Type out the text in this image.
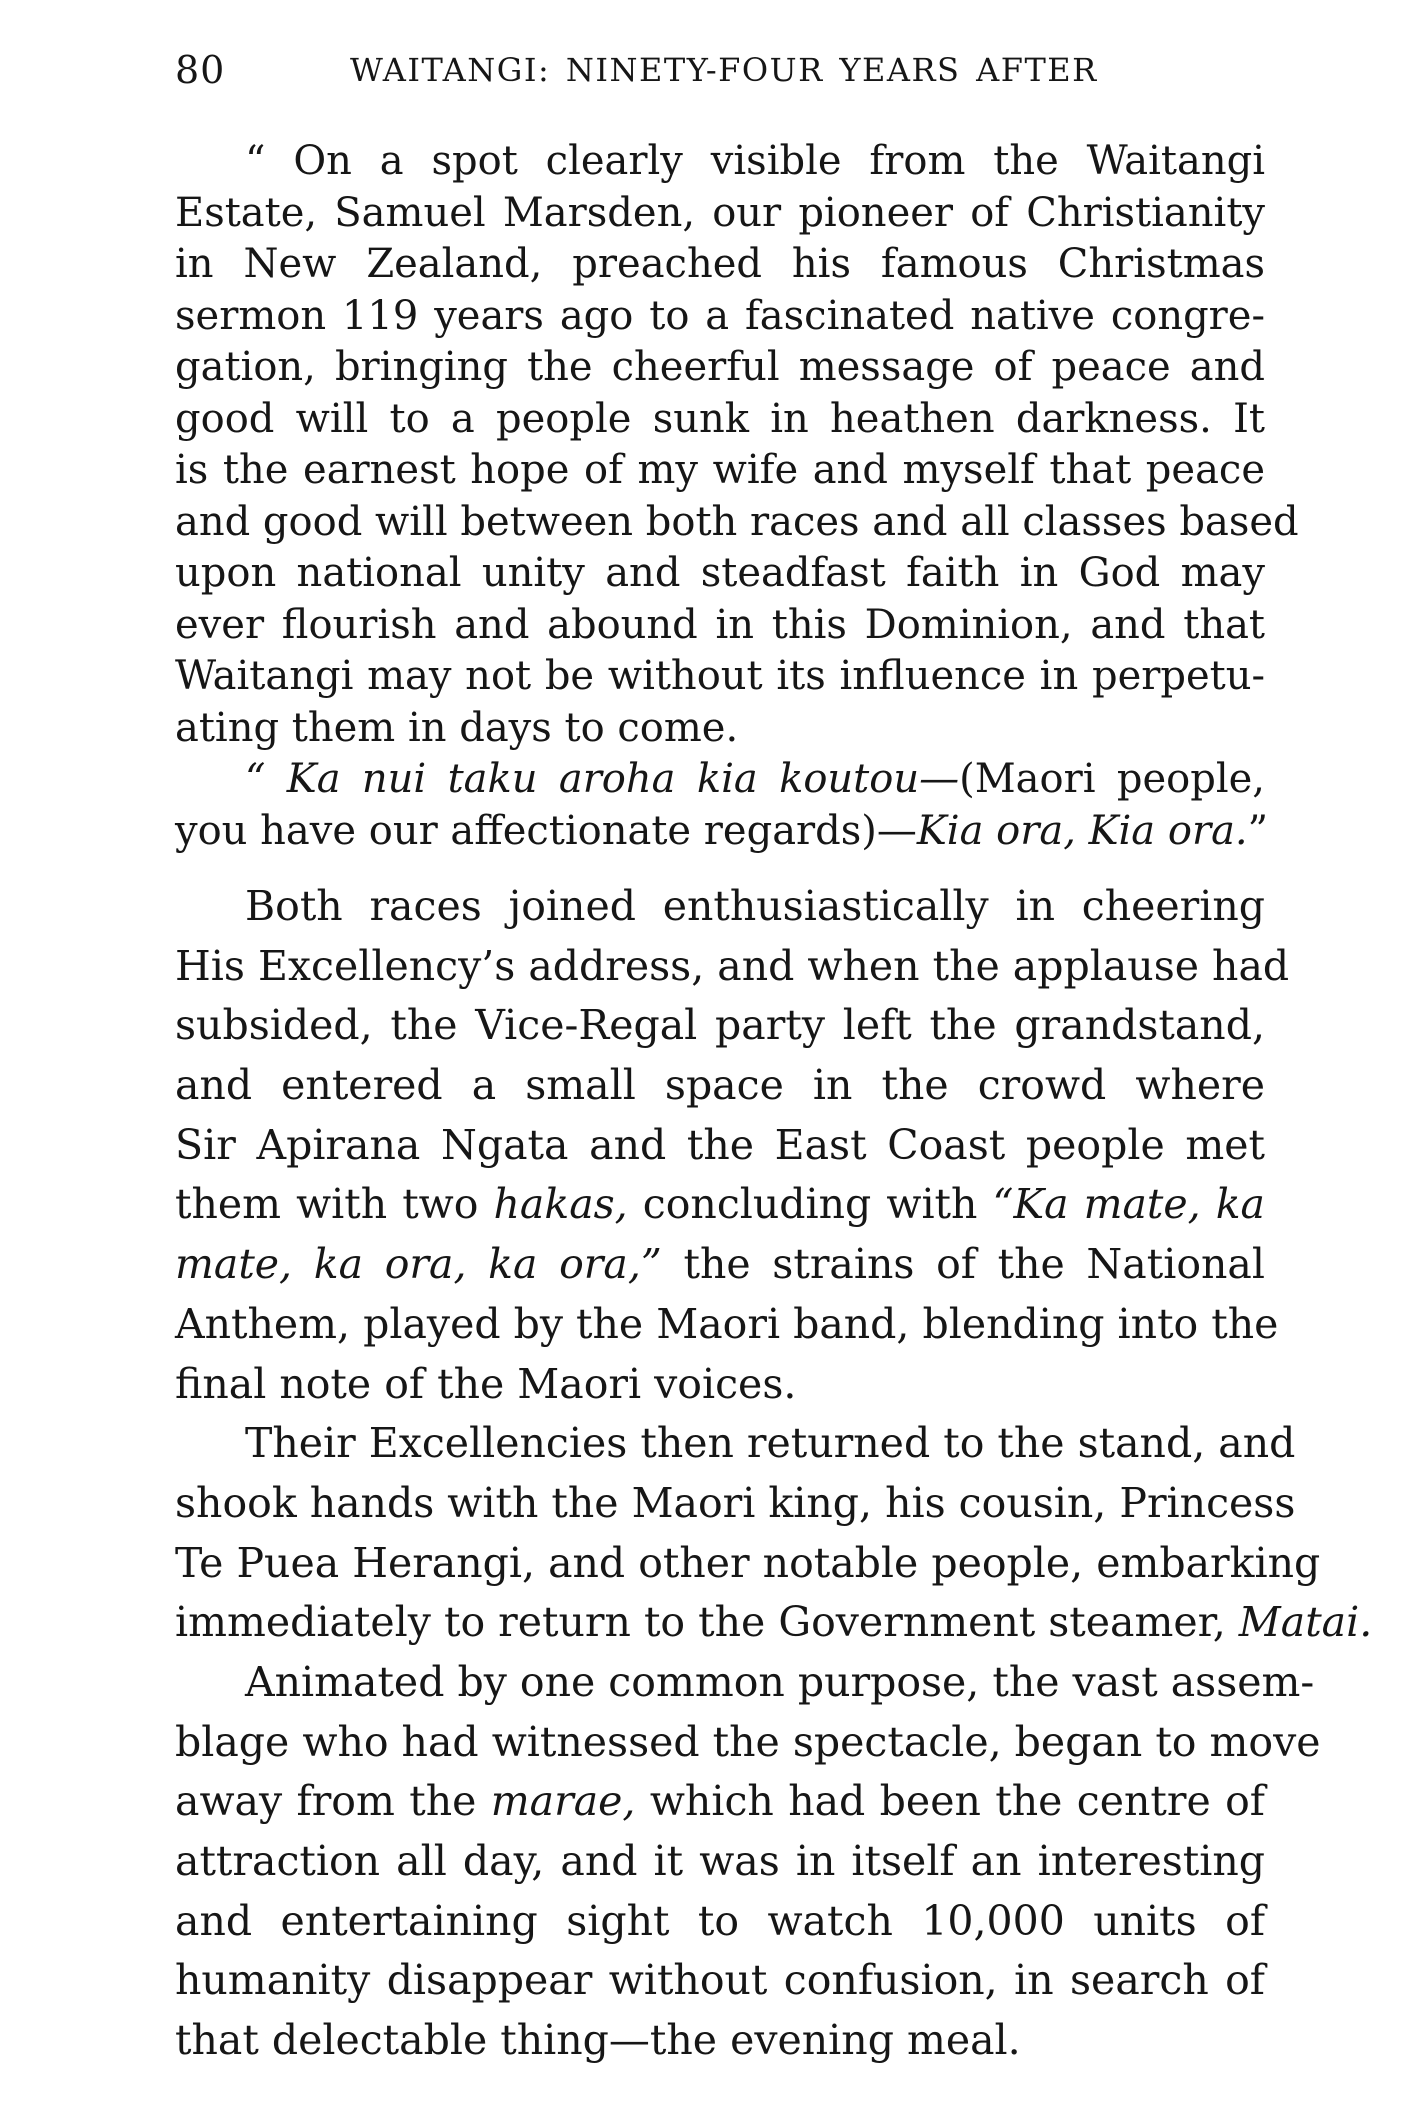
80	WAITANGI: NINETY-FOUR YEARS AFTER
“ On a spot clearly visible from the Waitangi
Estate, Samuel Marsden, our pioneer of Christianity
in New Zealand, preached his famous Christmas
sermon 119 years ago to a fascinated native congre-
gation, bringing the cheerful message of peace and
good will to a people sunk in heathen darkness. It
is the earnest hope of my wife and myself that peace
and good will between both races and all classes based
upon national unity and steadfast faith in God may
ever flourish and abound in this Dominion, and that
Waitangi may not be without its influence in perpetu-
ating them in days to come.
“ Ka nui taku aroha kia koutou—(Maori people,
you have our affectionate regards)—Kia ora, Kia ora.”
Both races joined enthusiastically in cheering
His Excellency’s address, and when the applause had
subsided, the Vice-Regal party left the grandstand,
and entered a small space in the crowd where
Sir Apirana Ngata and the East Coast people met
them with two hakas, concluding with “Ka mate, ka
mate, ka ora, ka ora,” the strains of the National
Anthem, played by the Maori band, blending into the
final note of the Maori voices.
Their Excellencies then returned to the stand, and
shook hands with the Maori king, his cousin, Princess
Te Puea Herangi, and other notable people, embarking
immediately to return to the Government steamer, Matai.
Animated by one common purpose, the vast assem-
blage who had witnessed the spectacle, began to move
away from the marae, which had been the centre of
attraction all day, and it was in itself an interesting
and entertaining sight to watch 10,000 units of
humanity disappear without confusion, in search of
that delectable thing—the evening meal.
